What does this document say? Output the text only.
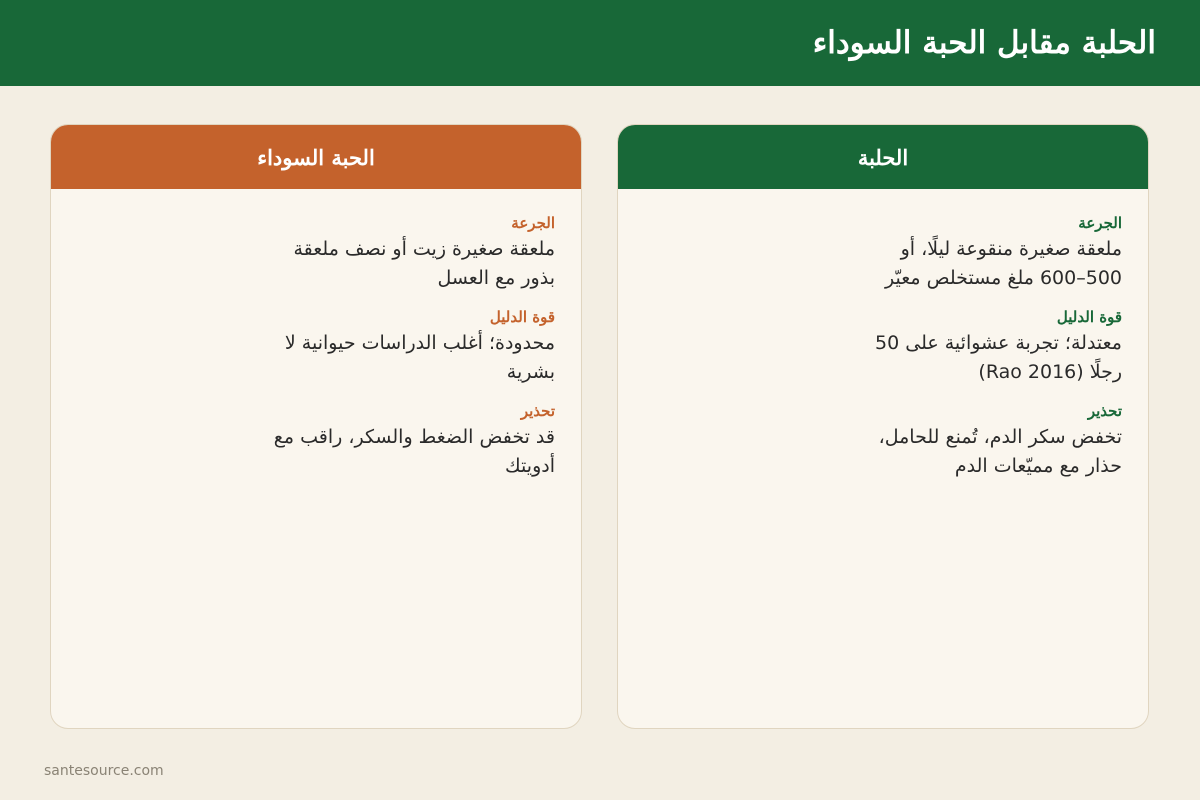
الحلبة مقابل الحبة السوداء
الحلبة
الجرعة
ملعقة صغيرة منقوعة ليلًا، أو 500–600 ملغ مستخلص معيّر
قوة الدليل
معتدلة؛ تجربة عشوائية على 50 رجلًا (Rao 2016)
تحذير
تخفض سكر الدم، تُمنع للحامل، حذار مع مميّعات الدم
الحبة السوداء
الجرعة
ملعقة صغيرة زيت أو نصف ملعقة بذور مع العسل
قوة الدليل
محدودة؛ أغلب الدراسات حيوانية لا بشرية
تحذير
قد تخفض الضغط والسكر، راقب مع أدويتك
santesource.com
